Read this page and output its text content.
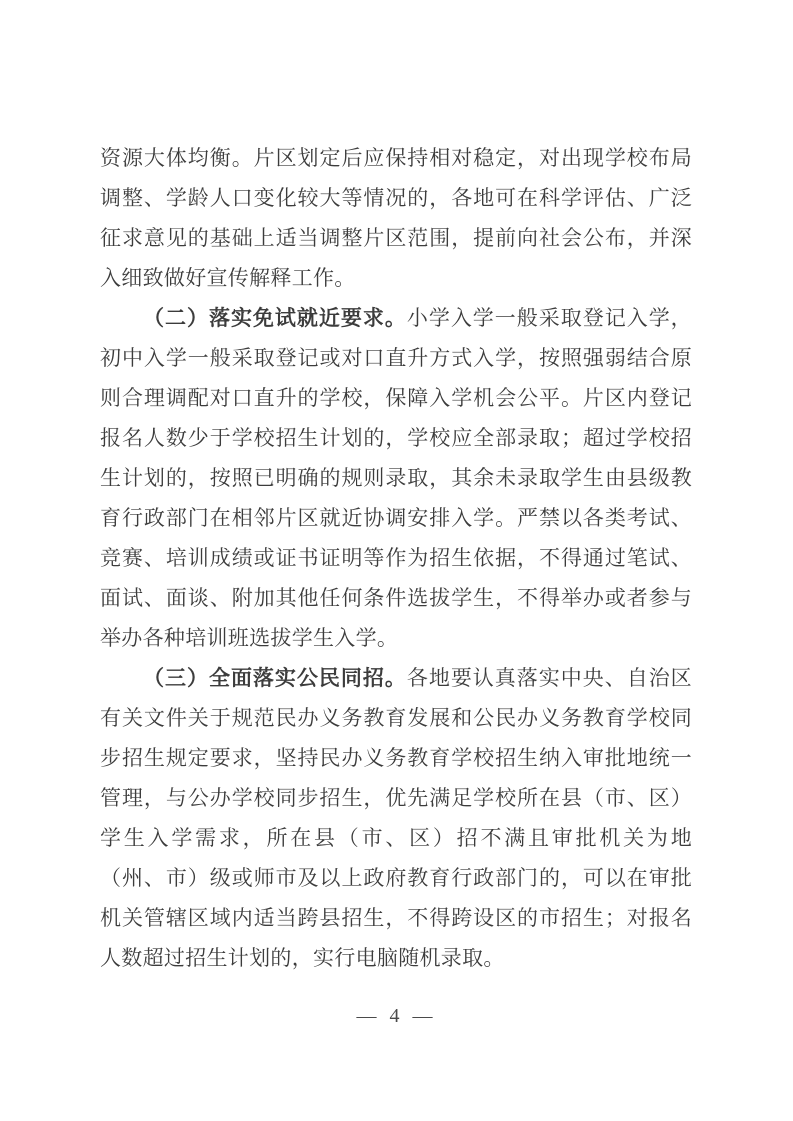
资源大体均衡。片区划定后应保持相对稳定，对出现学校布局调整、学龄人口变化较大等情况的，各地可在科学评估、广泛征求意见的基础上适当调整片区范围，提前向社会公布，并深入细致做好宣传解释工作。

（二）落实免试就近要求。小学入学一般采取登记入学，初中入学一般采取登记或对口直升方式入学，按照强弱结合原则合理调配对口直升的学校，保障入学机会公平。片区内登记报名人数少于学校招生计划的，学校应全部录取；超过学校招生计划的，按照已明确的规则录取，其余未录取学生由县级教育行政部门在相邻片区就近协调安排入学。严禁以各类考试、竞赛、培训成绩或证书证明等作为招生依据，不得通过笔试、面试、面谈、附加其他任何条件选拔学生，不得举办或者参与举办各种培训班选拔学生入学。

（三）全面落实公民同招。各地要认真落实中央、自治区有关文件关于规范民办义务教育发展和公民办义务教育学校同步招生规定要求，坚持民办义务教育学校招生纳入审批地统一管理，与公办学校同步招生，优先满足学校所在县（市、区）学生入学需求，所在县（市、区）招不满且审批机关为地（州、市）级或师市及以上政府教育行政部门的，可以在审批机关管辖区域内适当跨县招生，不得跨设区的市招生；对报名人数超过招生计划的，实行电脑随机录取。

— 4 —
